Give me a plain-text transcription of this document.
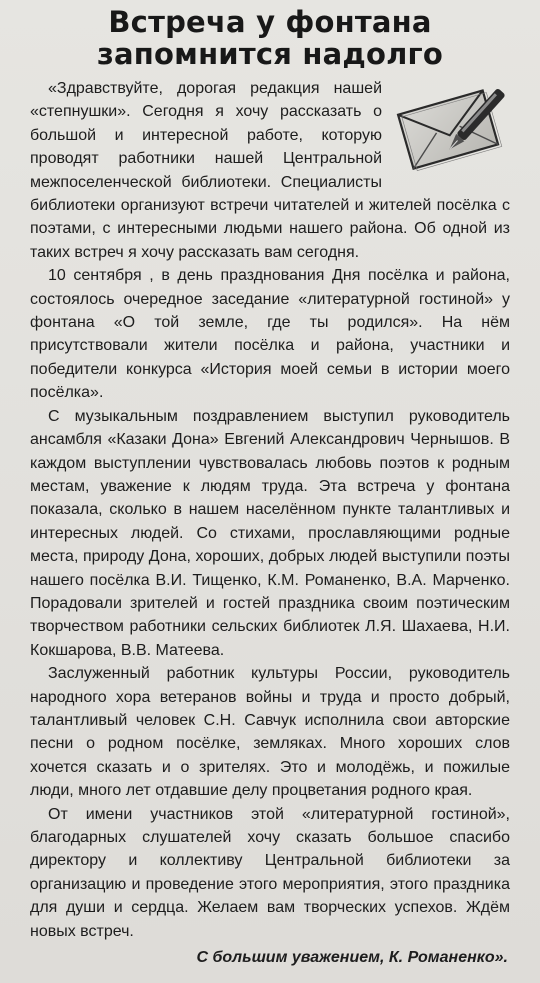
Встреча у фонтана
запомнится надолго

«Здравствуйте, дорогая редакция нашей «степнушки». Сегодня я хочу рассказать о большой и интересной работе, которую проводят работники нашей Центральной межпоселенческой библиотеки. Специалисты библиотеки организуют встречи читателей и жителей посёлка с поэтами, с интересными людьми нашего района. Об одной из таких встреч я хочу рассказать вам сегодня.

10 сентября , в день празднования Дня посёлка и района, состоялось очередное заседание «литературной гостиной» у фонтана «О той земле, где ты родился». На нём присутствовали жители посёлка и района, участники и победители конкурса «История моей семьи в истории моего посёлка».

С музыкальным поздравлением выступил руководитель ансамбля «Казаки Дона» Евгений Александрович Чернышов. В каждом выступлении чувствовалась любовь поэтов к родным местам, уважение к людям труда. Эта встреча у фонтана показала, сколько в нашем населённом пункте талантливых и интересных людей. Со стихами, прославляющими родные места, природу Дона, хороших, добрых людей выступили поэты нашего посёлка В.И. Тищенко, К.М. Романенко, В.А. Марченко. Порадовали зрителей и гостей праздника своим поэтическим творчеством работники сельских библиотек Л.Я. Шахаева, Н.И. Кокшарова, В.В. Матеева.

Заслуженный работник культуры России, руководитель народного хора ветеранов войны и труда и просто добрый, талантливый человек С.Н. Савчук исполнила свои авторские песни о родном посёлке, земляках. Много хороших слов хочется сказать и о зрителях. Это и молодёжь, и пожилые люди, много лет отдавшие делу процветания родного края.

От имени участников этой «литературной гостиной», благодарных слушателей хочу сказать большое спасибо директору и коллективу Центральной библиотеки за организацию и проведение этого мероприятия, этого праздника для души и сердца. Желаем вам творческих успехов. Ждём новых встреч.

С большим уважением, К. Романенко».
